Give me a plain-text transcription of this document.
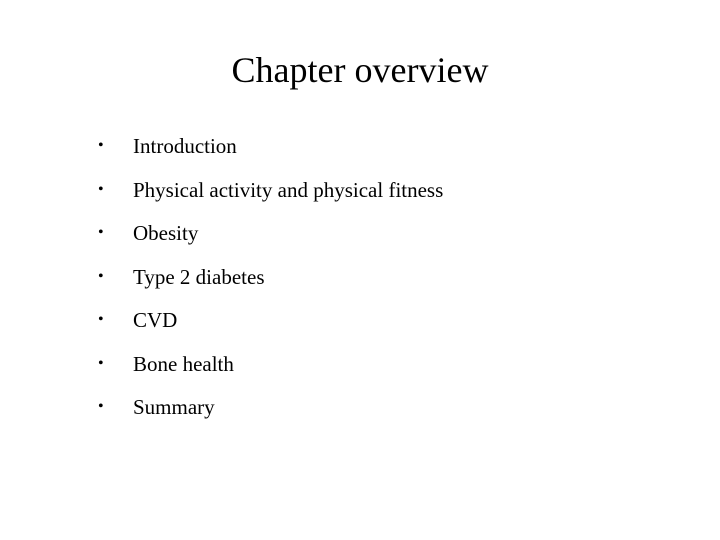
Chapter overview
•	Introduction
•	Physical activity and physical fitness
•	Obesity
•	Type 2 diabetes
•	CVD
•	Bone health
•	Summary
